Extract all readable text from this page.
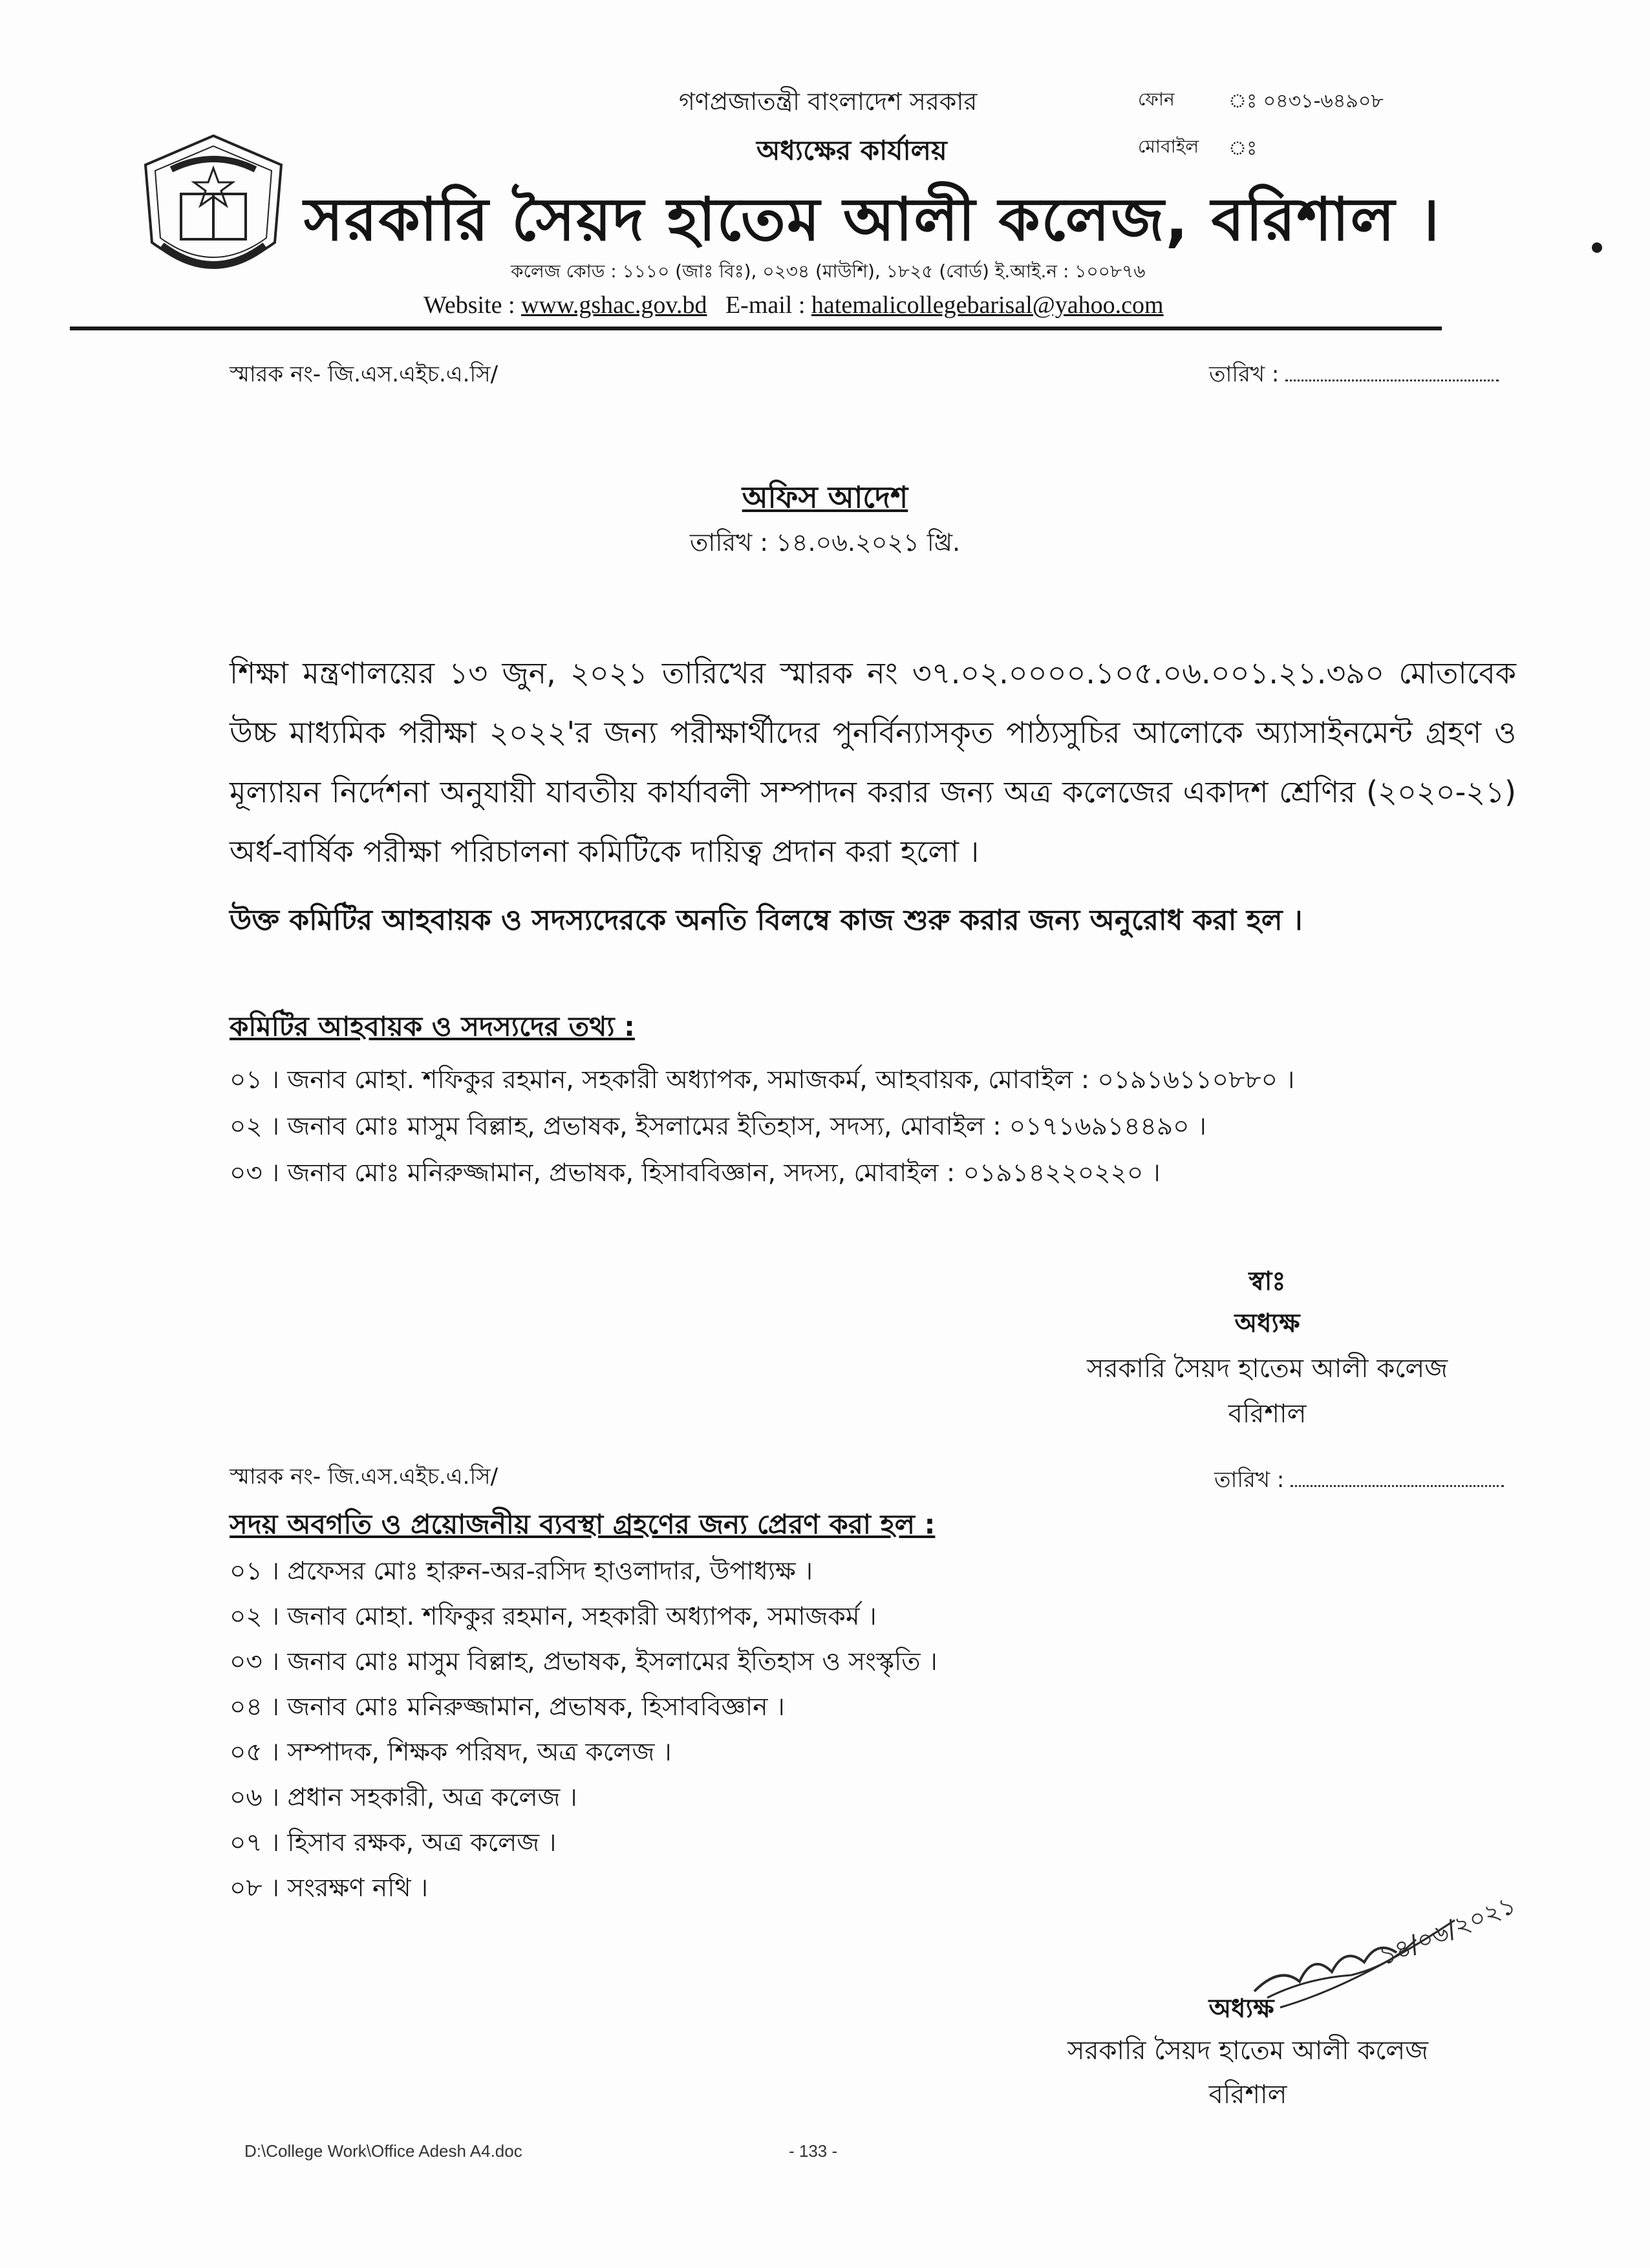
গণপ্রজাতন্ত্রী বাংলাদেশ সরকার
অধ্যক্ষের কার্যালয়
ফোন	ঃ ০৪৩১-৬৪৯০৮
মোবাইল ঃ
সরকারি সৈয়দ হাতেম আলী কলেজ, বরিশাল ।
কলেজ কোড : ১১১০ (জাঃ বিঃ), ০২৩৪ (মাউশি), ১৮২৫ (বোর্ড) ই.আই.ন : ১০০৮৭৬
Website : www.gshac.gov.bd E-mail : hatemalicollegebarisal@yahoo.com
স্মারক নং- জি.এস.এইচ.এ.সি/	তারিখ :
অফিস আদেশ
তারিখ : ১৪.০৬.২০২১ খ্রি.
শিক্ষা মন্ত্রণালয়ের ১৩ জুন, ২০২১ তারিখের স্মারক নং ৩৭.০২.০০০০.১০৫.০৬.০০১.২১.৩৯০ মোতাবেক উচ্চ মাধ্যমিক পরীক্ষা ২০২২'র জন্য পরীক্ষার্থীদের পুনর্বিন্যাসকৃত পাঠ্যসুচির আলোকে অ্যাসাইনমেন্ট গ্রহণ ও মূল্যায়ন নির্দেশনা অনুযায়ী যাবতীয় কার্যাবলী সম্পাদন করার জন্য অত্র কলেজের একাদশ শ্রেণির (২০২০-২১) অর্ধ-বার্ষিক পরীক্ষা পরিচালনা কমিটিকে দায়িত্ব প্রদান করা হলো ।
উক্ত কমিটির আহবায়ক ও সদস্যদেরকে অনতি বিলম্বে কাজ শুরু করার জন্য অনুরোধ করা হল ।
কমিটির আহবায়ক ও সদস্যদের তথ্য :
০১ । জনাব মোহা. শফিকুর রহমান, সহকারী অধ্যাপক, সমাজকর্ম, আহবায়ক, মোবাইল : ০১৯১৬১১০৮৮০ ।
০২ । জনাব মোঃ মাসুম বিল্লাহ, প্রভাষক, ইসলামের ইতিহাস, সদস্য, মোবাইল : ০১৭১৬৯১৪৪৯০ ।
০৩ । জনাব মোঃ মনিরুজ্জামান, প্রভাষক, হিসাববিজ্ঞান, সদস্য, মোবাইল : ০১৯১৪২২০২২০ ।
স্বাঃ
অধ্যক্ষ
সরকারি সৈয়দ হাতেম আলী কলেজ
বরিশাল
স্মারক নং- জি.এস.এইচ.এ.সি/	তারিখ :
সদয় অবগতি ও প্রয়োজনীয় ব্যবস্থা গ্রহণের জন্য প্রেরণ করা হল :
০১ । প্রফেসর মোঃ হারুন-অর-রসিদ হাওলাদার, উপাধ্যক্ষ ।
০২ । জনাব মোহা. শফিকুর রহমান, সহকারী অধ্যাপক, সমাজকর্ম ।
০৩ । জনাব মোঃ মাসুম বিল্লাহ, প্রভাষক, ইসলামের ইতিহাস ও সংস্কৃতি ।
০৪ । জনাব মোঃ মনিরুজ্জামান, প্রভাষক, হিসাববিজ্ঞান ।
০৫ । সম্পাদক, শিক্ষক পরিষদ, অত্র কলেজ ।
০৬ । প্রধান সহকারী, অত্র কলেজ ।
০৭ । হিসাব রক্ষক, অত্র কলেজ ।
০৮ । সংরক্ষণ নথি ।
১৪/০৬/২০২১
অধ্যক্ষ
সরকারি সৈয়দ হাতেম আলী কলেজ
বরিশাল
D:\College Work\Office Adesh A4.doc	- 133 -
